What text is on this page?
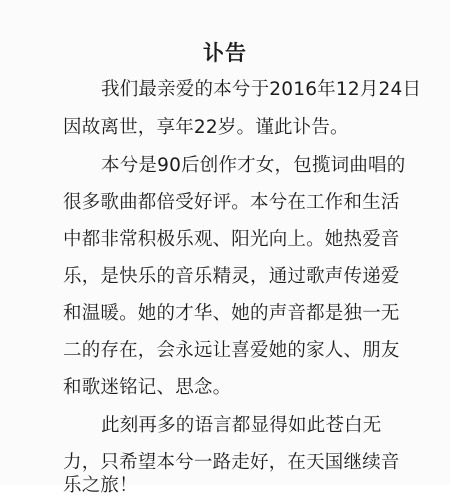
讣告
我们最亲爱的本兮于2016年12月24日
因故离世，享年22岁。谨此讣告。
本兮是90后创作才女，包揽词曲唱的
很多歌曲都倍受好评。本兮在工作和生活
中都非常积极乐观、阳光向上。她热爱音
乐，是快乐的音乐精灵，通过歌声传递爱
和温暖。她的才华、她的声音都是独一无
二的存在，会永远让喜爱她的家人、朋友
和歌迷铭记、思念。
此刻再多的语言都显得如此苍白无
力，只希望本兮一路走好，在天国继续音
乐之旅！
